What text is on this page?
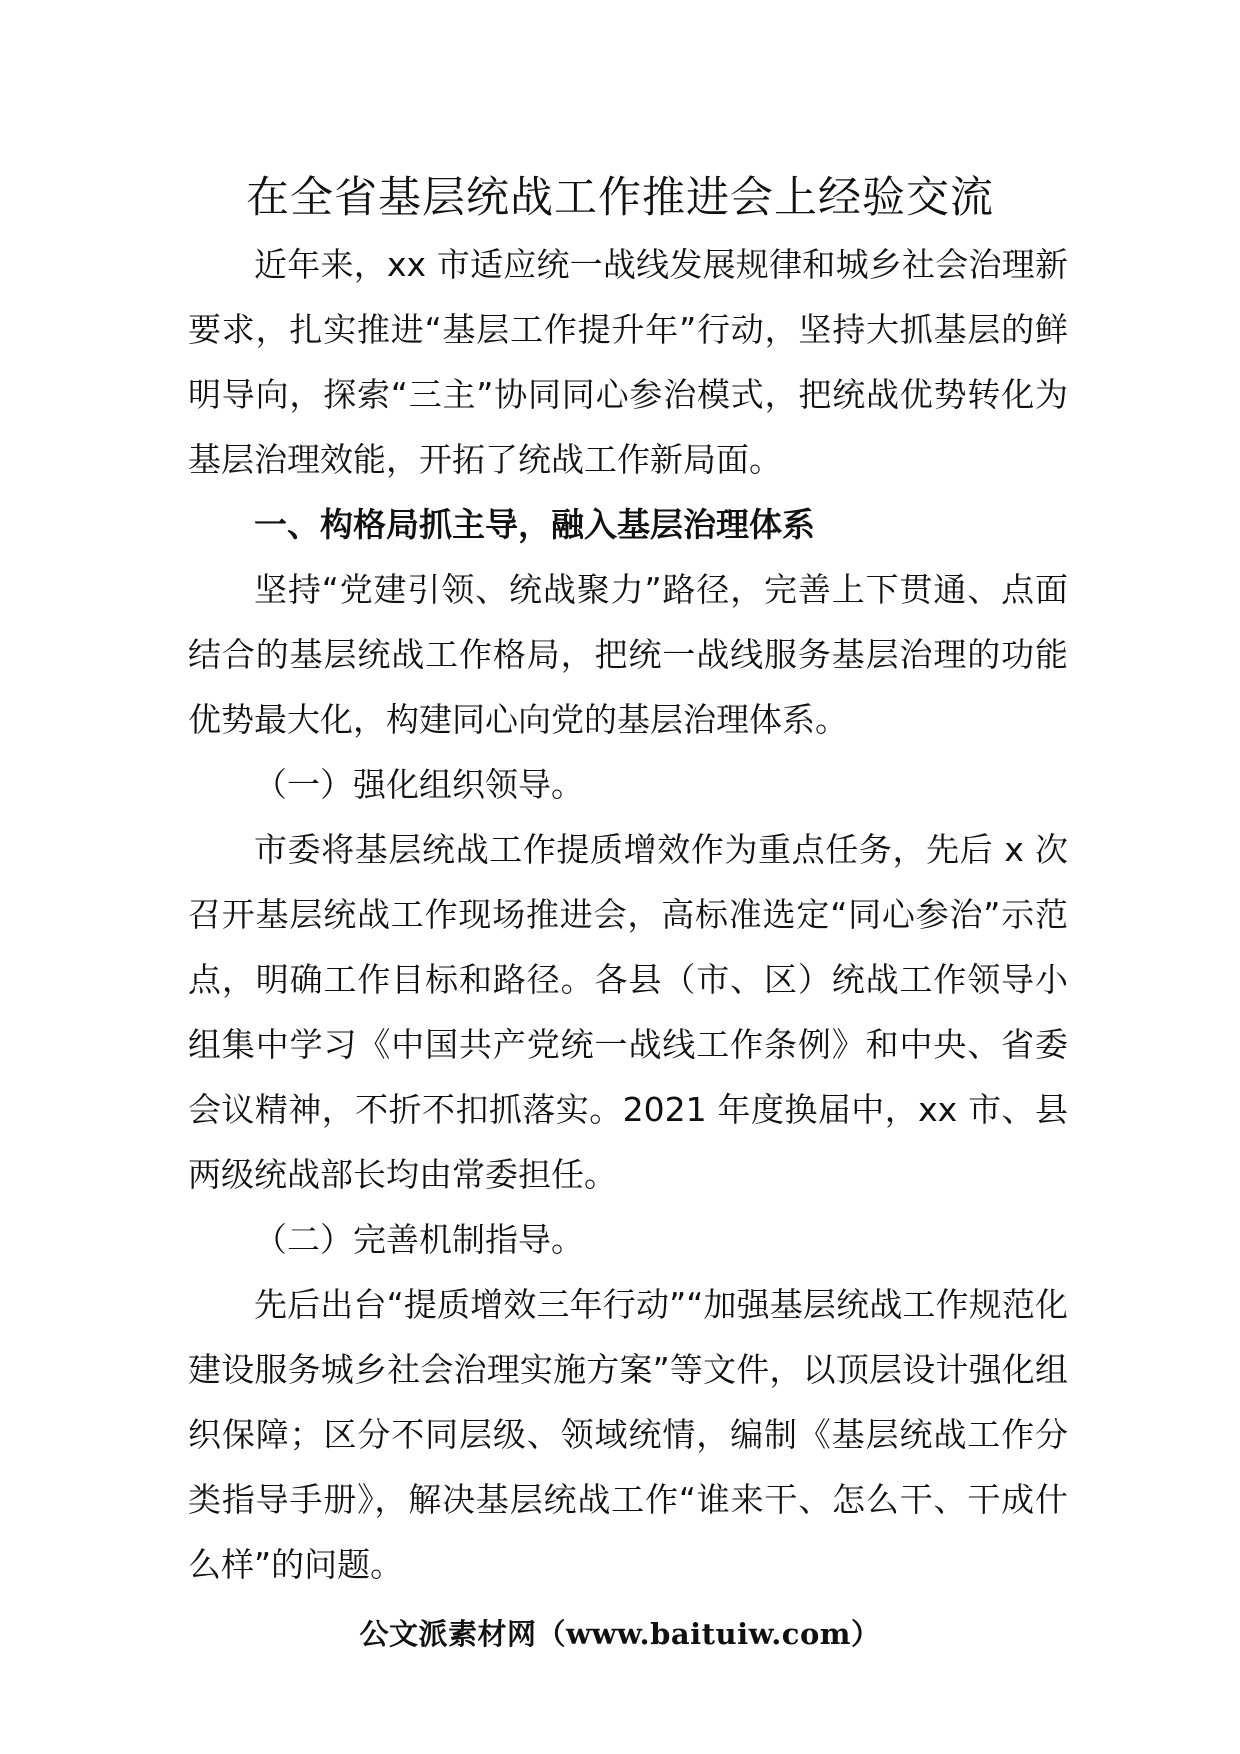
在全省基层统战工作推进会上经验交流

近年来，xx 市适应统一战线发展规律和城乡社会治理新要求，扎实推进“基层工作提升年”行动，坚持大抓基层的鲜明导向，探索“三主”协同同心参治模式，把统战优势转化为基层治理效能，开拓了统战工作新局面。

一、构格局抓主导，融入基层治理体系

坚持“党建引领、统战聚力”路径，完善上下贯通、点面结合的基层统战工作格局，把统一战线服务基层治理的功能优势最大化，构建同心向党的基层治理体系。

（一）强化组织领导。

市委将基层统战工作提质增效作为重点任务，先后 x 次召开基层统战工作现场推进会，高标准选定“同心参治”示范点，明确工作目标和路径。各县（市、区）统战工作领导小组集中学习《中国共产党统一战线工作条例》和中央、省委会议精神，不折不扣抓落实。2021 年度换届中，xx 市、县两级统战部长均由常委担任。

（二）完善机制指导。

先后出台“提质增效三年行动”“加强基层统战工作规范化建设服务城乡社会治理实施方案”等文件，以顶层设计强化组织保障；区分不同层级、领域统情，编制《基层统战工作分类指导手册》，解决基层统战工作“谁来干、怎么干、干成什么样”的问题。

公文派素材网（www.baituiw.com）
